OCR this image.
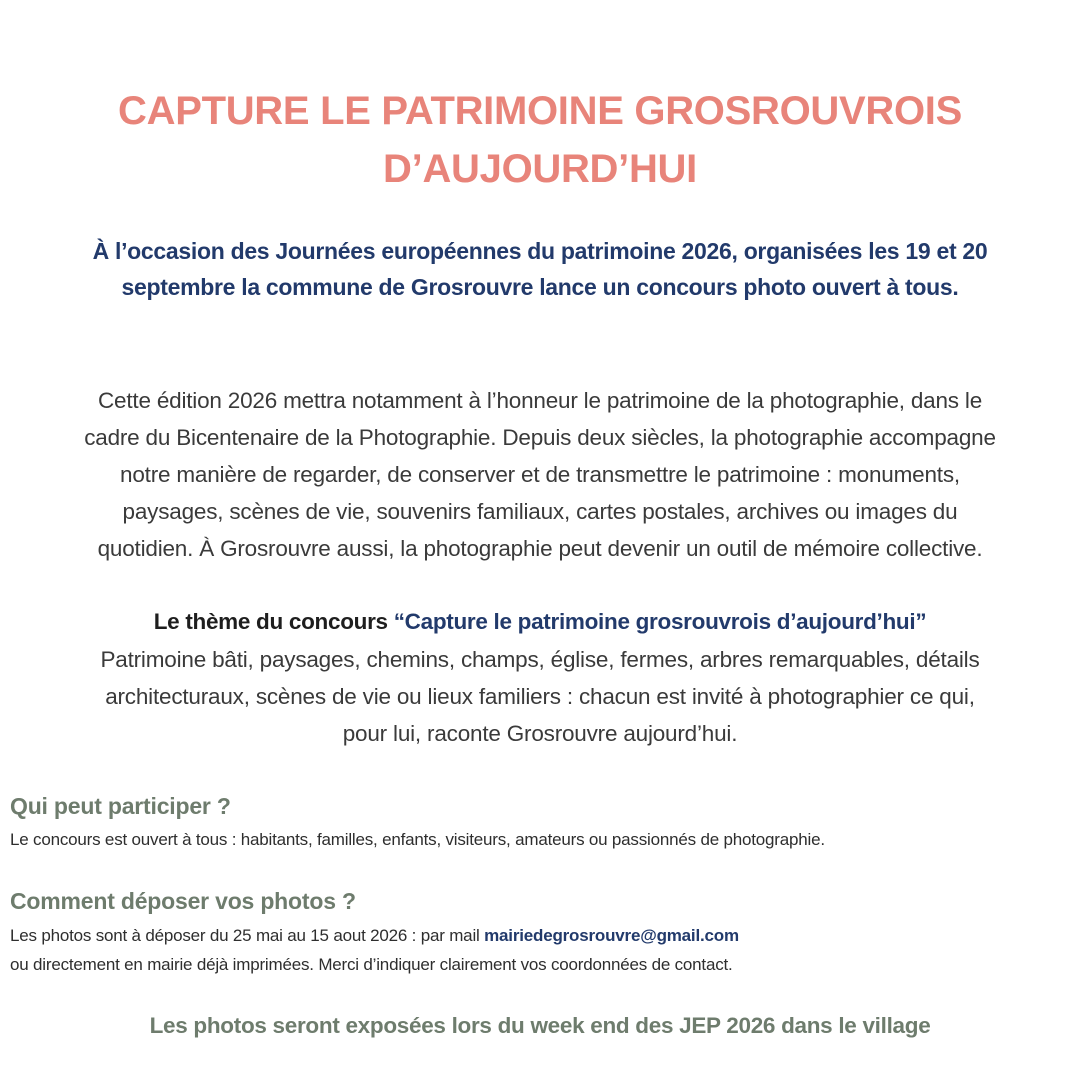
CAPTURE LE PATRIMOINE GROSROUVROIS
D’AUJOURD’HUI
À l’occasion des Journées européennes du patrimoine 2026, organisées les 19 et 20
septembre la commune de Grosrouvre lance un concours photo ouvert à tous.
Cette édition 2026 mettra notamment à l’honneur le patrimoine de la photographie, dans le
cadre du Bicentenaire de la Photographie. Depuis deux siècles, la photographie accompagne
notre manière de regarder, de conserver et de transmettre le patrimoine : monuments,
paysages, scènes de vie, souvenirs familiaux, cartes postales, archives ou images du
quotidien. À Grosrouvre aussi, la photographie peut devenir un outil de mémoire collective.
Le thème du concours “Capture le patrimoine grosrouvrois d’aujourd’hui”
Patrimoine bâti, paysages, chemins, champs, église, fermes, arbres remarquables, détails
architecturaux, scènes de vie ou lieux familiers : chacun est invité à photographier ce qui,
pour lui, raconte Grosrouvre aujourd’hui.
Qui peut participer ?
Le concours est ouvert à tous : habitants, familles, enfants, visiteurs, amateurs ou passionnés de photographie.
Comment déposer vos photos ?
Les photos sont à déposer du 25 mai au 15 aout 2026 : par mail mairiedegrosrouvre@gmail.com
ou directement en mairie déjà imprimées. Merci d’indiquer clairement vos coordonnées de contact.
Les photos seront exposées lors du week end des JEP 2026 dans le village
